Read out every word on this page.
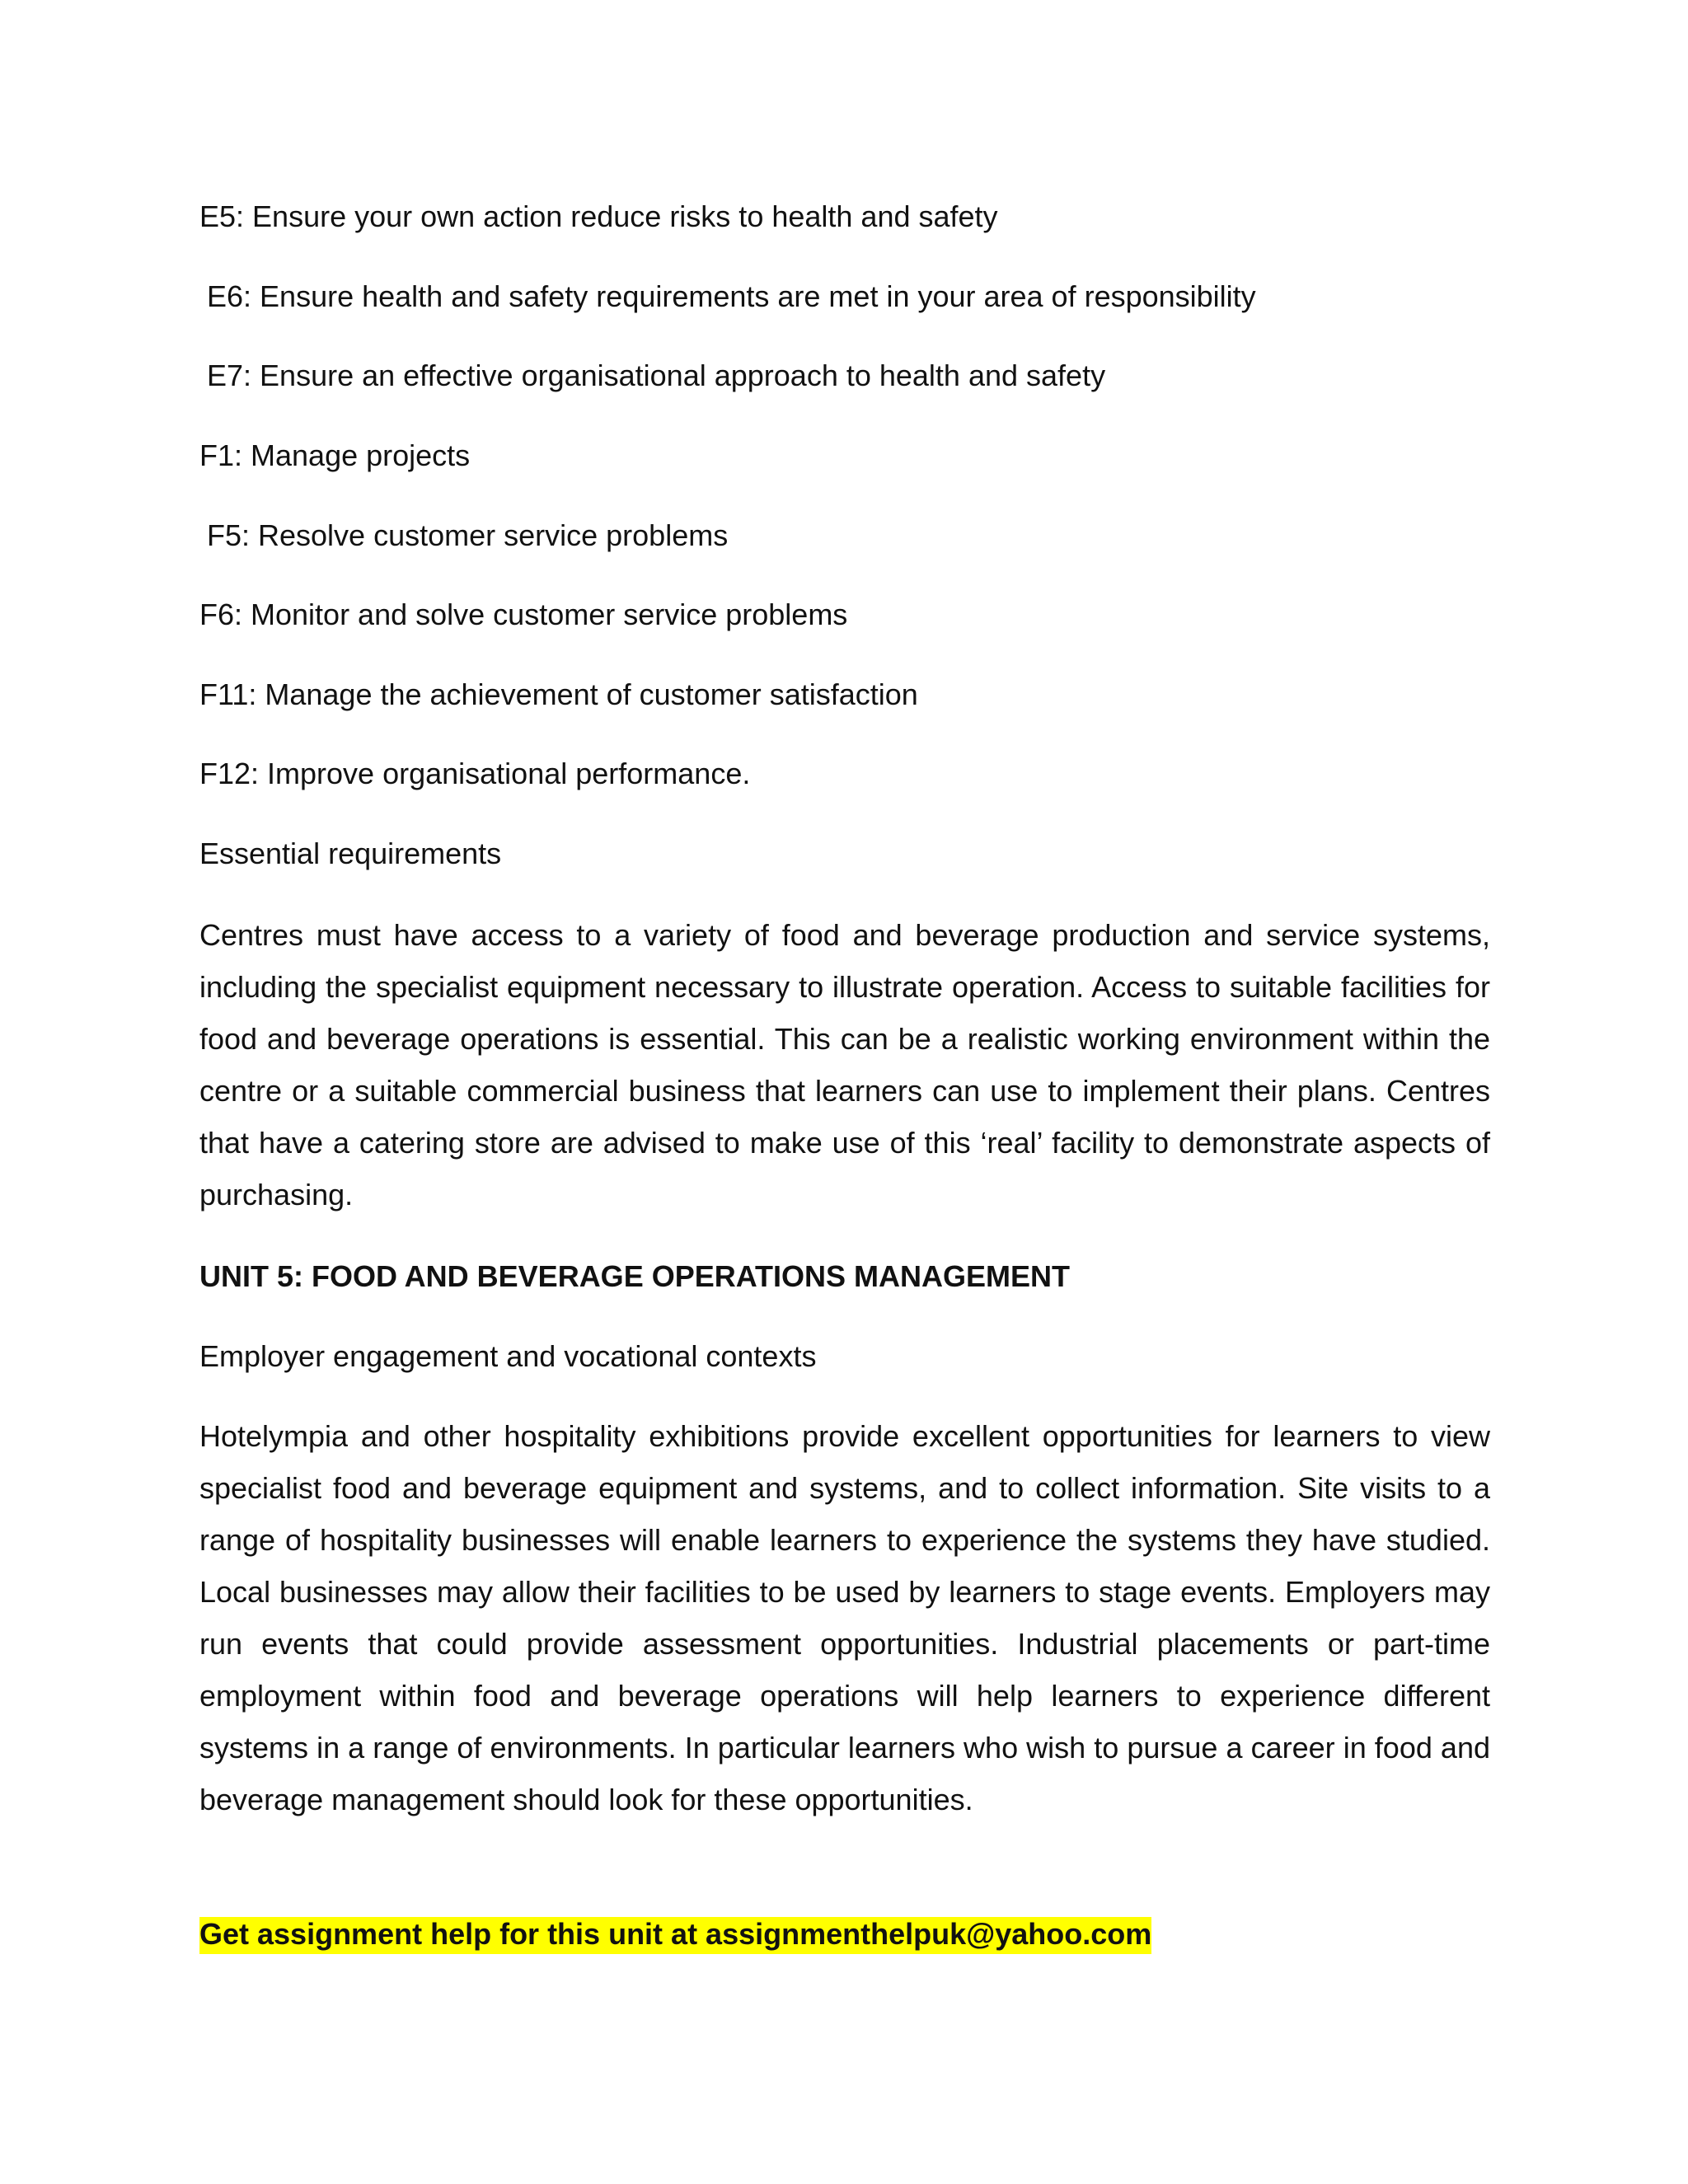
E5: Ensure your own action reduce risks to health and safety
E6: Ensure health and safety requirements are met in your area of responsibility
E7: Ensure an effective organisational approach to health and safety
F1: Manage projects
F5: Resolve customer service problems
F6: Monitor and solve customer service problems
F11: Manage the achievement of customer satisfaction
F12: Improve organisational performance.
Essential requirements
Centres must have access to a variety of food and beverage production and service systems, including the specialist equipment necessary to illustrate operation. Access to suitable facilities for food and beverage operations is essential. This can be a realistic working environment within the centre or a suitable commercial business that learners can use to implement their plans. Centres that have a catering store are advised to make use of this ‘real’ facility to demonstrate aspects of purchasing.
UNIT 5: FOOD AND BEVERAGE OPERATIONS MANAGEMENT
Employer engagement and vocational contexts
Hotelympia and other hospitality exhibitions provide excellent opportunities for learners to view specialist food and beverage equipment and systems, and to collect information. Site visits to a range of hospitality businesses will enable learners to experience the systems they have studied. Local businesses may allow their facilities to be used by learners to stage events. Employers may run events that could provide assessment opportunities. Industrial placements or part-time employment within food and beverage operations will help learners to experience different systems in a range of environments. In particular learners who wish to pursue a career in food and beverage management should look for these opportunities.
Get assignment help for this unit at assignmenthelpuk@yahoo.com
